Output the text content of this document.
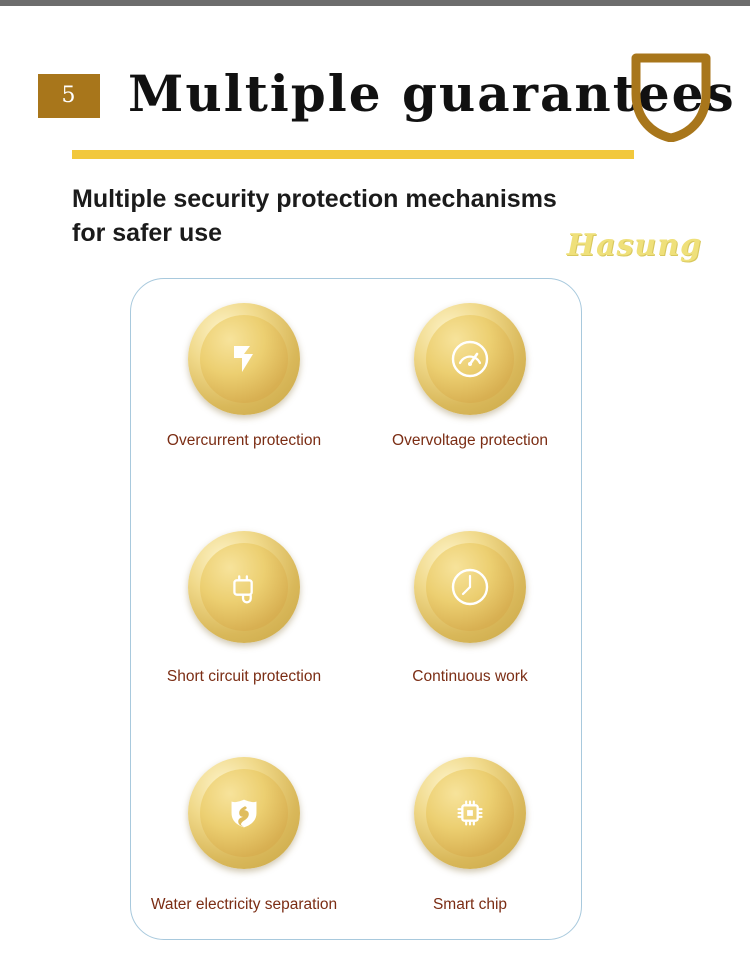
5	Multiple guarantees
Multiple security protection mechanisms
for safer use	Hasung
Overcurrent protection	Overvoltage protection
Short circuit protection	Continuous work
Water electricity separation	Smart chip
